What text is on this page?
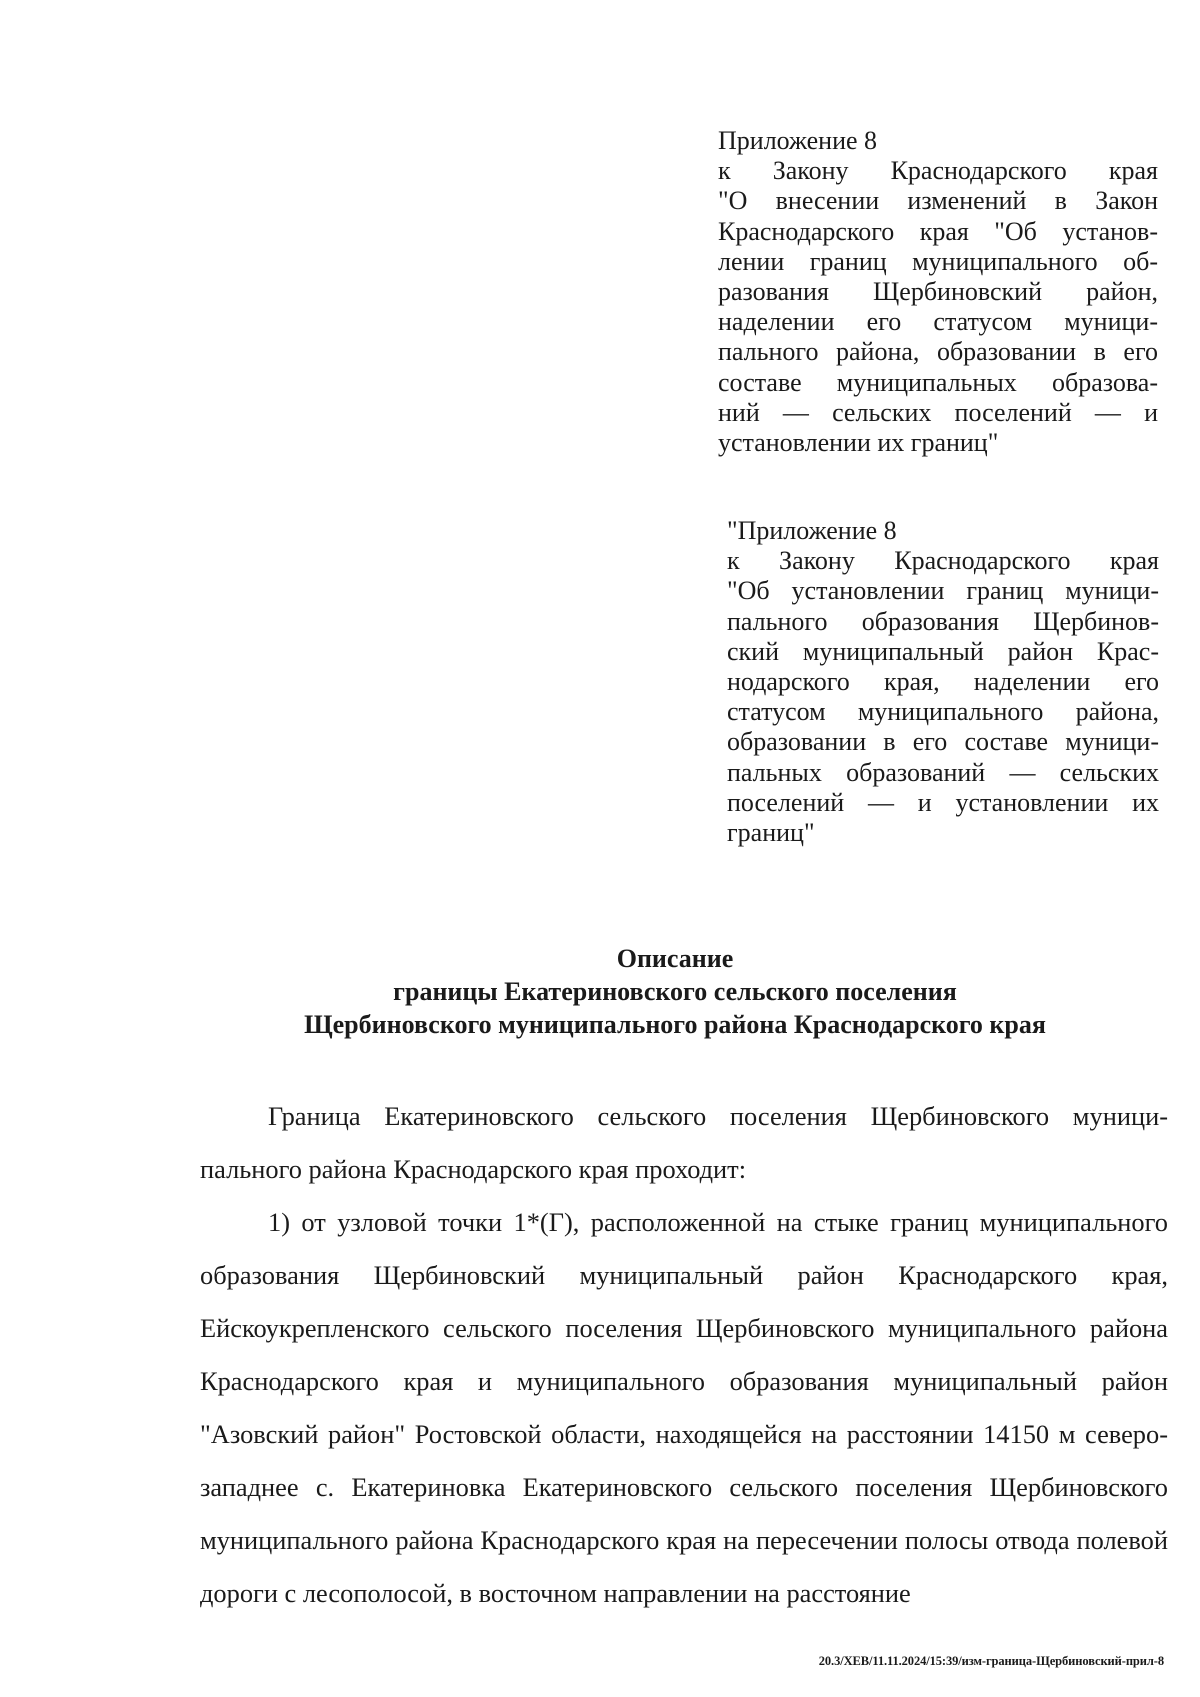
Приложение 8

к Закону Краснодарского края

"О внесении изменений в Закон

Краснодарского края "Об установ-

лении границ муниципального об-

разования Щербиновский район,

наделении его статусом муници-

пального района, образовании в его

составе муниципальных образова-

ний — сельских поселений — и

установлении их границ"

"Приложение 8

к Закону Краснодарского края

"Об установлении границ муници-

пального образования Щербинов-

ский муниципальный район Крас-

нодарского края, наделении его

статусом муниципального района,

образовании в его составе муници-

пальных образований — сельских

поселений — и установлении их

границ"

Описание
границы Екатериновского сельского поселения
Щербиновского муниципального района Краснодарского края

Граница Екатериновского сельского поселения Щербиновского муниципального района Краснодарского края проходит:

1) от узловой точки 1*(Г), расположенной на стыке границ муниципального образования Щербиновский муниципальный район Краснодарского края, Ейскоукрепленского сельского поселения Щербиновского муниципального района Краснодарского края и муниципального образования муниципальный район "Азовский район" Ростовской области, находящейся на расстоянии 14150 м северо-западнее с. Екатериновка Екатериновского сельского поселения Щербиновского муниципального района Краснодарского края на пересечении полосы отвода полевой дороги с лесополосой, в восточном направлении на расстояние

20.3/ХЕВ/11.11.2024/15:39/изм-граница-Щербиновский-прил-8
